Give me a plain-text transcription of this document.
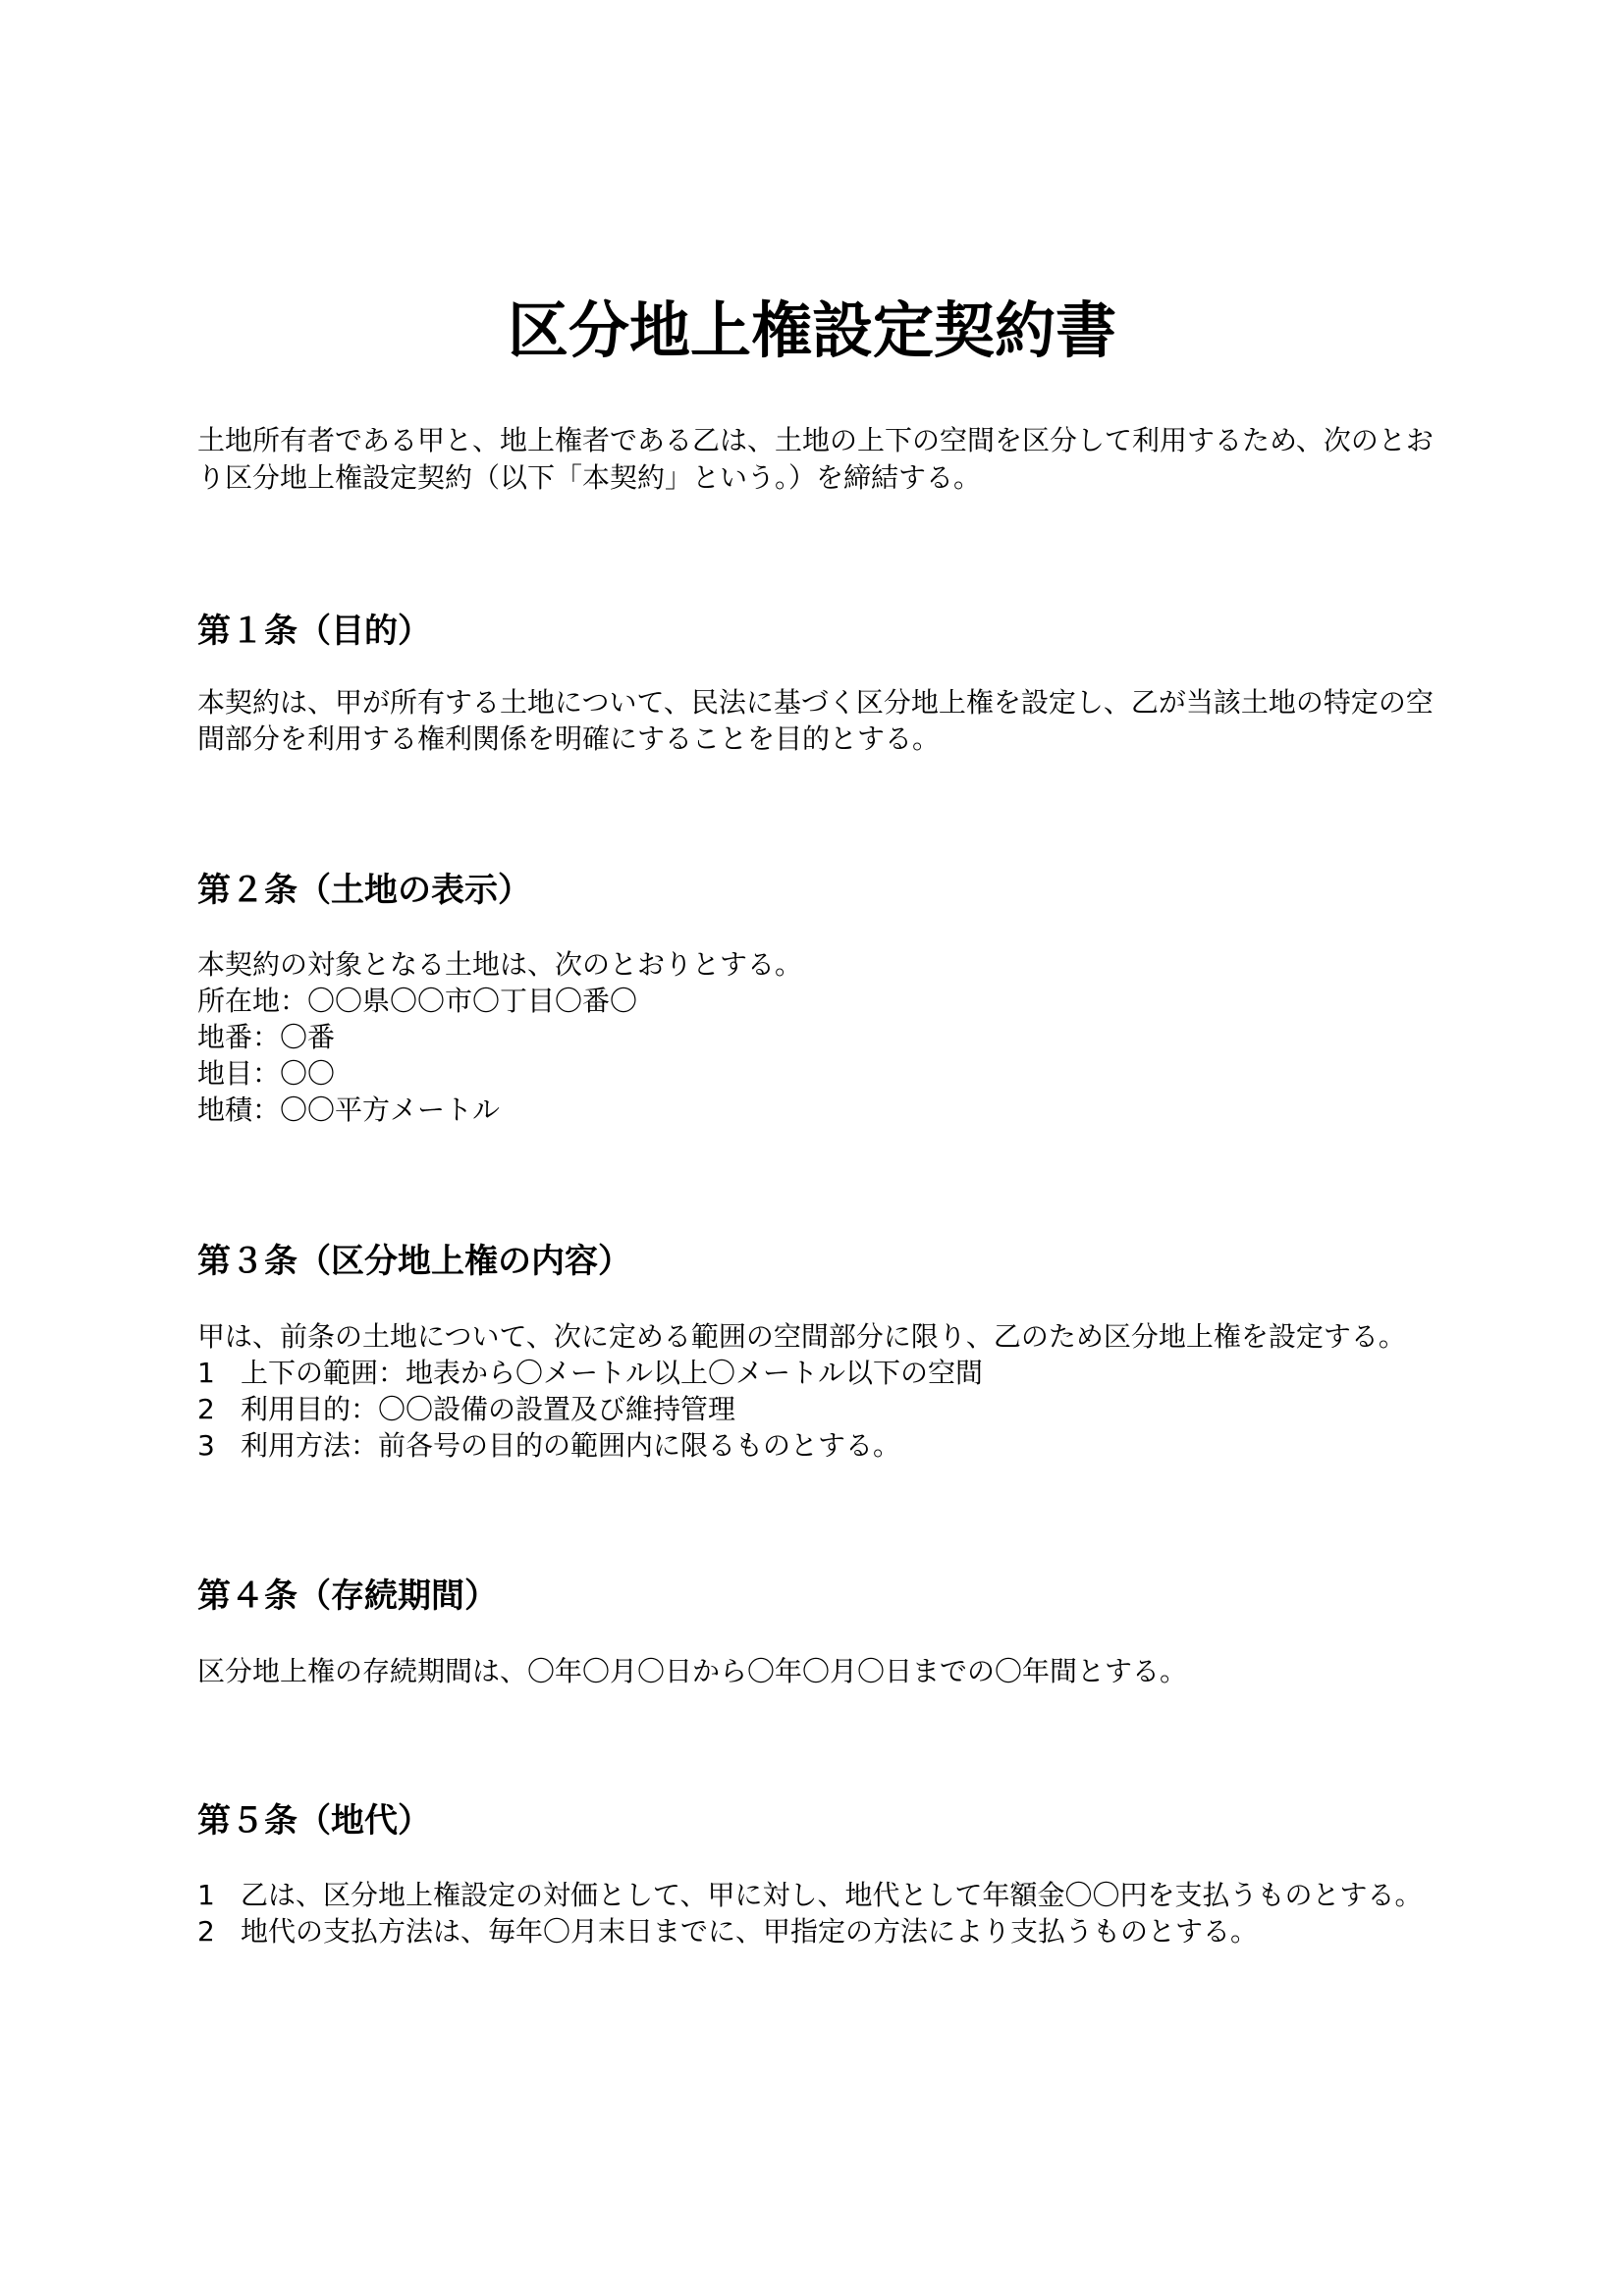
区分地上権設定契約書

土地所有者である甲と、地上権者である乙は、土地の上下の空間を区分して利用するため、次のとおり区分地上権設定契約（以下「本契約」という。）を締結する。

第１条（目的）

本契約は、甲が所有する土地について、民法に基づく区分地上権を設定し、乙が当該土地の特定の空間部分を利用する権利関係を明確にすることを目的とする。

第２条（土地の表示）
本契約の対象となる土地は、次のとおりとする。
所在地：〇〇県〇〇市〇丁目〇番〇
地番：〇番
地目：〇〇
地積：〇〇平方メートル
第３条（区分地上権の内容）
甲は、前条の土地について、次に定める範囲の空間部分に限り、乙のため区分地上権を設定する。
1 上下の範囲：地表から〇メートル以上〇メートル以下の空間
2 利用目的：〇〇設備の設置及び維持管理
3 利用方法：前各号の目的の範囲内に限るものとする。
第４条（存続期間）

区分地上権の存続期間は、〇年〇月〇日から〇年〇月〇日までの〇年間とする。

第５条（地代）
1 乙は、区分地上権設定の対価として、甲に対し、地代として年額金〇〇円を支払うものとする。
2 地代の支払方法は、毎年〇月末日までに、甲指定の方法により支払うものとする。
